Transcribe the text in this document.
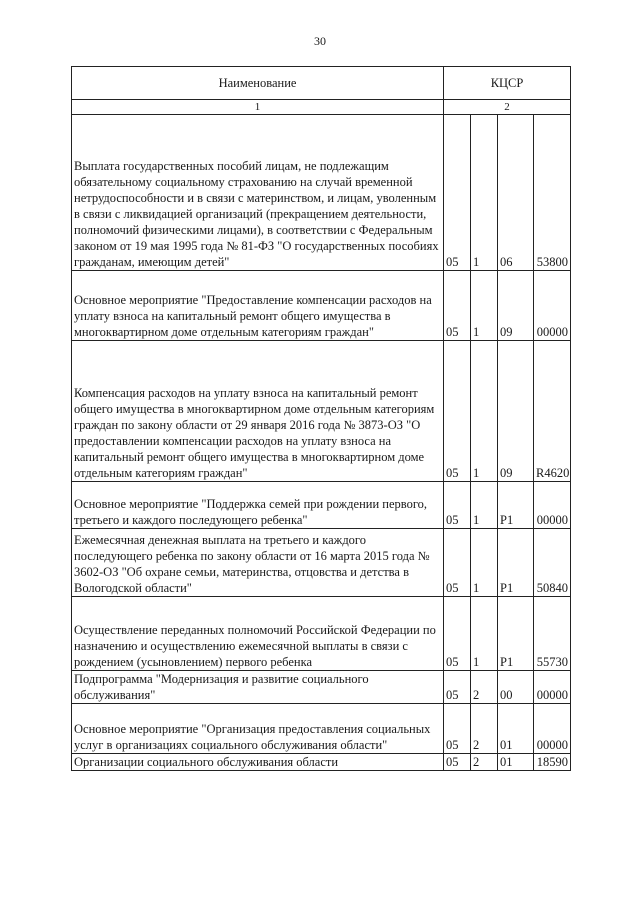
30
Наименование	КЦСР			
1	2			
Выплата государственных пособий лицам, не подлежащим обязательному социальному страхованию на случай временной нетрудоспособности и в связи с материнством, и лицам, уволенным в связи с ликвидацией организаций (прекращением деятельности, полномочий физическими лицами), в соответствии с Федеральным законом от 19 мая 1995 года № 81-ФЗ "О государственных пособиях гражданам, имеющим детей"	05	1	06	53800
Основное мероприятие "Предоставление компенсации расходов на уплату взноса на капитальный ремонт общего имущества в многоквартирном доме отдельным категориям граждан"	05	1	09	00000
Компенсация расходов на уплату взноса на капитальный ремонт общего имущества в многоквартирном доме отдельным категориям граждан по закону области от 29 января 2016 года № 3873-ОЗ "О предоставлении компенсации расходов на уплату взноса на капитальный ремонт общего имущества в многоквартирном доме отдельным категориям граждан"	05	1	09	R4620
Основное мероприятие "Поддержка семей при рождении первого, третьего и каждого последующего ребенка"	05	1	P1	00000
Ежемесячная денежная выплата на третьего и каждого последующего ребенка по закону области от 16 марта 2015 года № 3602-ОЗ "Об охране семьи, материнства, отцовства и детства в Вологодской области"	05	1	P1	50840
Осуществление переданных полномочий Российской Федерации по назначению и осуществлению ежемесячной выплаты в связи с рождением (усыновлением) первого ребенка	05	1	P1	55730
Подпрограмма "Модернизация и развитие социального обслуживания"	05	2	00	00000
Основное мероприятие "Организация предоставления социальных услуг в организациях социального обслуживания области"	05	2	01	00000
Организации социального обслуживания области	05	2	01	18590
